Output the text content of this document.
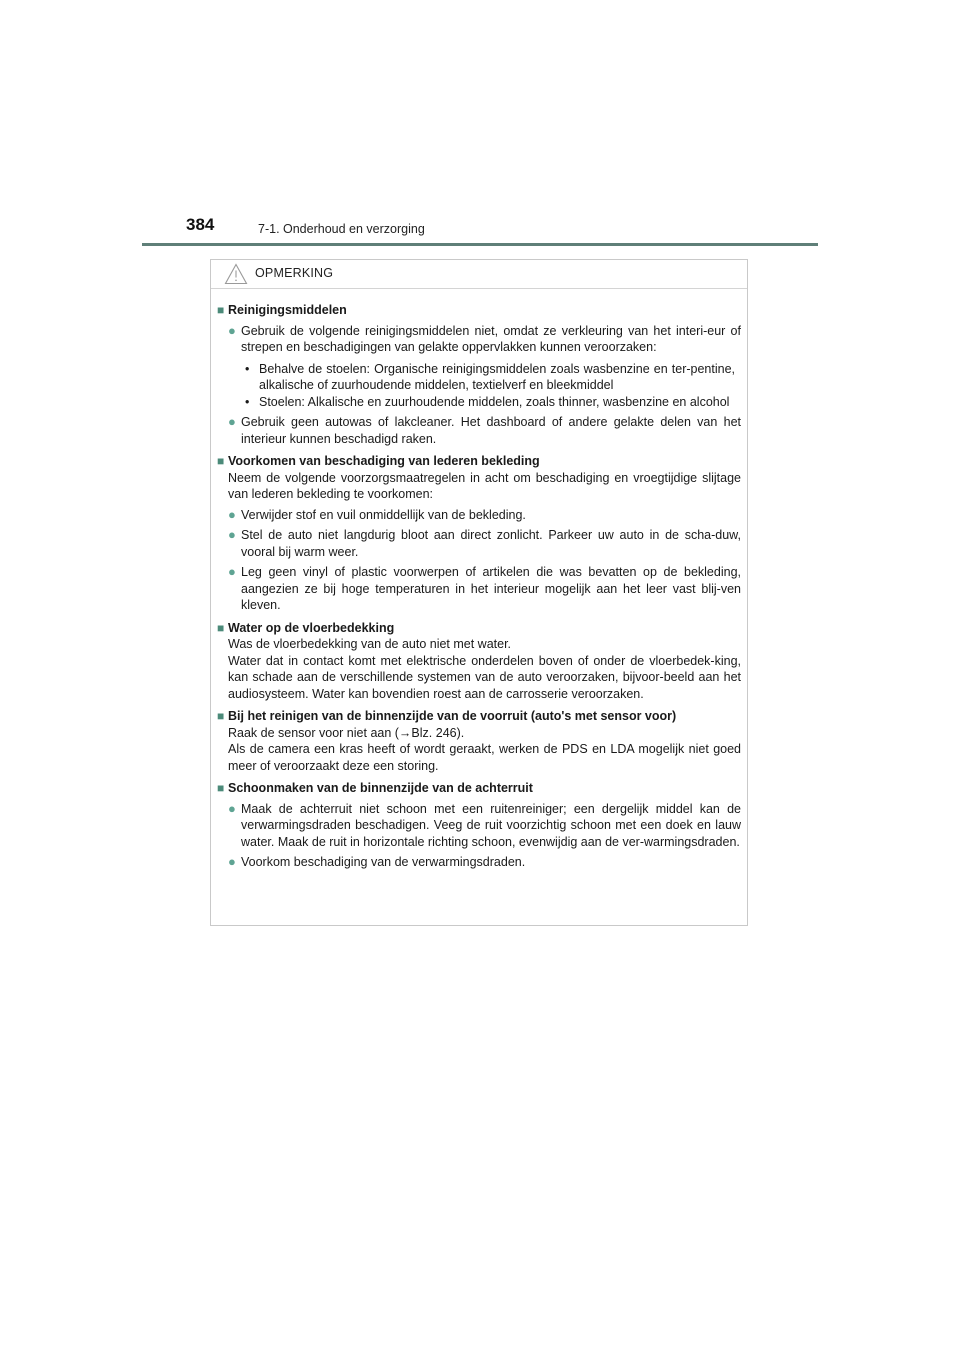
384	7-1. Onderhoud en verzorging
OPMERKING
■ Reinigingsmiddelen
● Gebruik de volgende reinigingsmiddelen niet, omdat ze verkleuring van het interi-eur of strepen en beschadigingen van gelakte oppervlakken kunnen veroorzaken:
• Behalve de stoelen: Organische reinigingsmiddelen zoals wasbenzine en ter-pentine, alkalische of zuurhoudende middelen, textielverf en bleekmiddel
• Stoelen: Alkalische en zuurhoudende middelen, zoals thinner, wasbenzine en alcohol
● Gebruik geen autowas of lakcleaner. Het dashboard of andere gelakte delen van het interieur kunnen beschadigd raken.
■ Voorkomen van beschadiging van lederen bekleding
Neem de volgende voorzorgsmaatregelen in acht om beschadiging en vroegtijdige slijtage van lederen bekleding te voorkomen:
● Verwijder stof en vuil onmiddellijk van de bekleding.
● Stel de auto niet langdurig bloot aan direct zonlicht. Parkeer uw auto in de scha-duw, vooral bij warm weer.
● Leg geen vinyl of plastic voorwerpen of artikelen die was bevatten op de bekleding, aangezien ze bij hoge temperaturen in het interieur mogelijk aan het leer vast blij-ven kleven.
■ Water op de vloerbedekking
Was de vloerbedekking van de auto niet met water.
Water dat in contact komt met elektrische onderdelen boven of onder de vloerbedek-king, kan schade aan de verschillende systemen van de auto veroorzaken, bijvoor-beeld aan het audiosysteem. Water kan bovendien roest aan de carrosserie veroorzaken.
■ Bij het reinigen van de binnenzijde van de voorruit (auto's met sensor voor)
Raak de sensor voor niet aan (→Blz. 246).
Als de camera een kras heeft of wordt geraakt, werken de PDS en LDA mogelijk niet goed meer of veroorzaakt deze een storing.
■ Schoonmaken van de binnenzijde van de achterruit
● Maak de achterruit niet schoon met een ruitenreiniger; een dergelijk middel kan de verwarmingsdraden beschadigen. Veeg de ruit voorzichtig schoon met een doek en lauw water. Maak de ruit in horizontale richting schoon, evenwijdig aan de ver-warmingsdraden.
● Voorkom beschadiging van de verwarmingsdraden.
